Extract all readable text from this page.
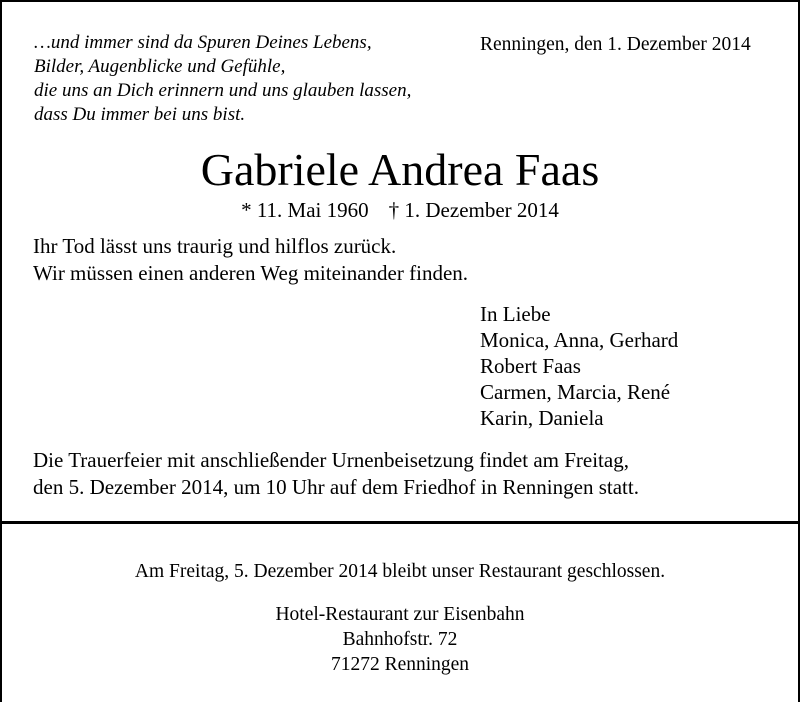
…und immer sind da Spuren Deines Lebens,
Bilder, Augenblicke und Gefühle,
die uns an Dich erinnern und uns glauben lassen,
dass Du immer bei uns bist.
Renningen, den 1. Dezember 2014
Gabriele Andrea Faas
* 11. Mai 1960 † 1. Dezember 2014
Ihr Tod lässt uns traurig und hilflos zurück.
Wir müssen einen anderen Weg miteinander finden.
In Liebe
Monica, Anna, Gerhard
Robert Faas
Carmen, Marcia, René
Karin, Daniela
Die Trauerfeier mit anschließender Urnenbeisetzung findet am Freitag,
den 5. Dezember 2014, um 10 Uhr auf dem Friedhof in Renningen statt.
Am Freitag, 5. Dezember 2014 bleibt unser Restaurant geschlossen.
Hotel-Restaurant zur Eisenbahn
Bahnhofstr. 72
71272 Renningen
